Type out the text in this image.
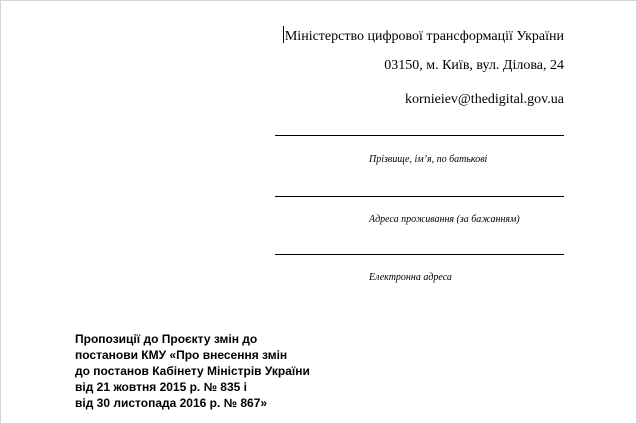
Міністерство цифрової трансформації України
03150, м. Київ, вул. Ділова, 24
kornieiev@thedigital.gov.ua
Прізвище, ім’я, по батькові
Адреса проживання (за бажанням)
Електронна адреса
Пропозиції до Проєкту змін до
постанови КМУ «Про внесення змін
до постанов Кабінету Міністрів України
від 21 жовтня 2015 р. № 835 і
від 30 листопада 2016 р. № 867»
